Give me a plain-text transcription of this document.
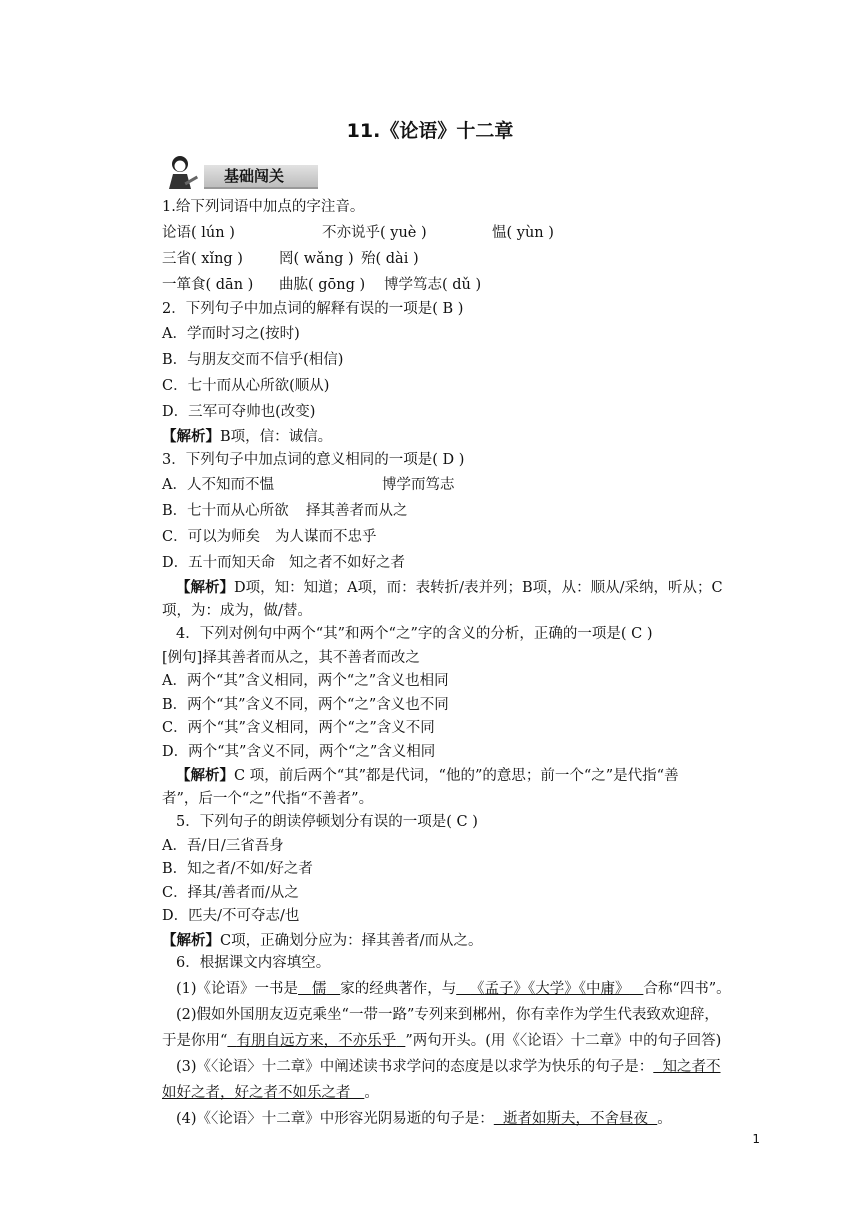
11.《论语》十二章
基础闯关
1.给下列词语中加点的字注音。
论语( lún )	不亦说乎( yuè )	愠( yùn )
三省( xǐng ) 罔( wǎng ) 殆( dài )
一箪食( dān ) 曲肱( gōng ) 博学笃志( dǔ )
2．下列句子中加点词的解释有误的一项是( B )
A．学而时习之(按时)
B．与朋友交而不信乎(相信)
C．七十而从心所欲(顺从)
D．三军可夺帅也(改变)
【解析】B项，信：诚信。
3．下列句子中加点词的意义相同的一项是( D )
A．人不知而不愠	博学而笃志
B．七十而从心所欲 择其善者而从之
C．可以为师矣 为人谋而不忠乎
D．五十而知天命 知之者不如好之者
【解析】D项，知：知道；A项，而：表转折/表并列；B项，从：顺从/采纳，听从；C
项，为：成为，做/替。
4．下列对例句中两个“其”和两个“之”字的含义的分析，正确的一项是( C )
[例句]择其善者而从之，其不善者而改之
A．两个“其”含义相同，两个“之”含义也相同
B．两个“其”含义不同，两个“之”含义也不同
C．两个“其”含义相同，两个“之”含义不同
D．两个“其”含义不同，两个“之”含义相同
【解析】C 项，前后两个“其”都是代词，“他的”的意思；前一个“之”是代指“善
者”，后一个“之”代指“不善者”。
5．下列句子的朗读停顿划分有误的一项是( C )
A．吾/日/三省吾身
B．知之者/不如/好之者
C．择其/善者而/从之
D．匹夫/不可夺志/也
【解析】C项，正确划分应为：择其善者/而从之。
6．根据课文内容填空。
(1)《论语》一书是 儒 家的经典著作，与 《孟子》《大学》《中庸》 合称“四书”。
(2)假如外国朋友迈克乘坐“一带一路”专列来到郴州，你有幸作为学生代表致欢迎辞，
于是你用“ 有朋自远方来，不亦乐乎 ”两句开头。(用《〈论语〉十二章》中的句子回答)
(3)《〈论语〉十二章》中阐述读书求学问的态度是以求学为快乐的句子是： 知之者不
如好之者，好之者不如乐之者 。
(4)《〈论语〉十二章》中形容光阴易逝的句子是： 逝者如斯夫，不舍昼夜 。
1
